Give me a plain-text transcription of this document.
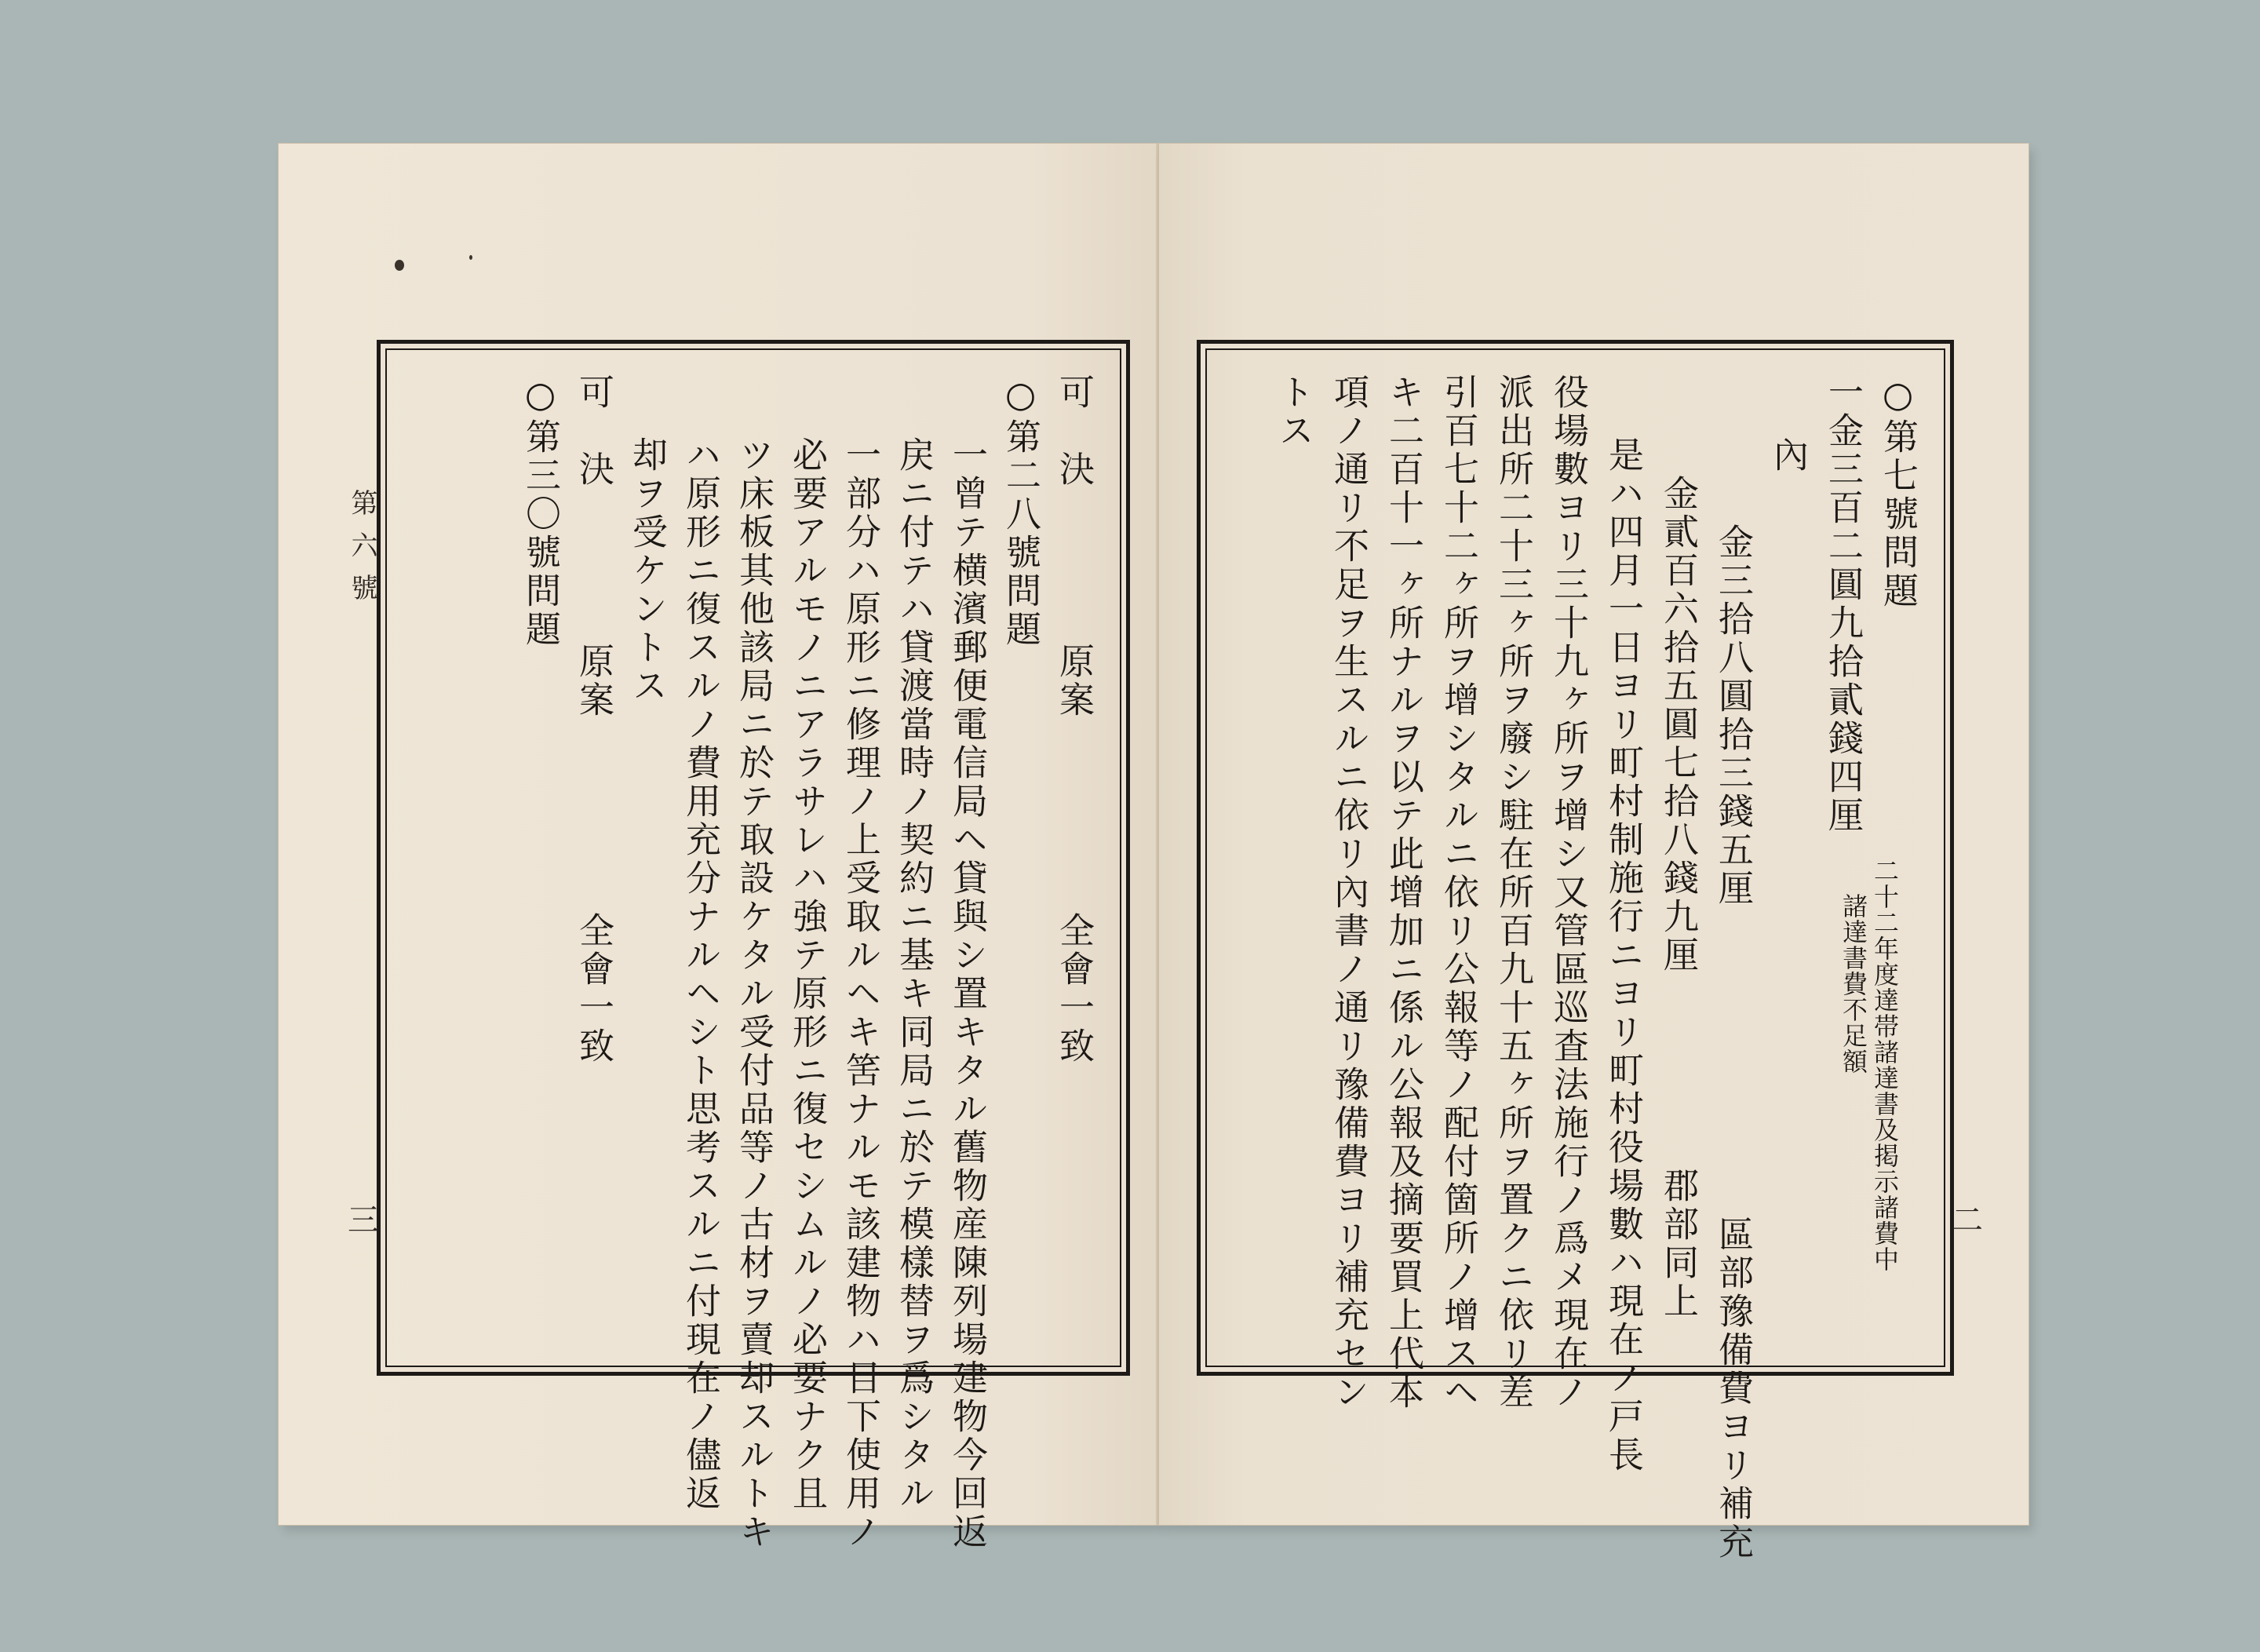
第六號	可　決　　　　原案　　　　　全會一致
○第二八號問題
一曾テ横濱郵便電信局ヘ貸與シ置キタル舊物産陳列場建物今回返
戻ニ付テハ貸渡當時ノ契約ニ基キ同局ニ於テ模樣替ヲ爲シタル
一部分ハ原形ニ修理ノ上受取ルヘキ筈ナルモ該建物ハ目下使用ノ
必要アルモノニアラサレハ強テ原形ニ復セシムルノ必要ナク且
ツ床板其他該局ニ於テ取設ケタル受付品等ノ古材ヲ賣却スルトキ
ハ原形ニ復スルノ費用充分ナルヘシト思考スルニ付現在ノ儘返
却ヲ受ケントス
可　決　　　　原案　　　　　全會一致
○第三〇號問題
三
○第七號問題
一金三百二圓九拾貳錢四厘
內
　金三拾八圓拾三錢五厘　　　　　　　　區部豫備費ヨリ補充
　金貳百六拾五圓七拾八錢九厘　　　　　郡部同上
是ハ四月一日ヨリ町村制施行ニヨリ町村役場數ハ現在ノ戸長
役場數ヨリ三十九ヶ所ヲ增シ又管區巡査法施行ノ爲メ現在ノ
派出所二十三ヶ所ヲ廢シ駐在所百九十五ヶ所ヲ置クニ依リ差
引百七十二ヶ所ヲ增シタルニ依リ公報等ノ配付箇所ノ增スヘ
キ二百十一ヶ所ナルヲ以テ此增加ニ係ル公報及摘要買上代本
項ノ通リ不足ヲ生スルニ依リ內書ノ通リ豫備費ヨリ補充セン
トス
二十二年度達帯諸達書及掲示諸費中
諸達書費不足額
二
